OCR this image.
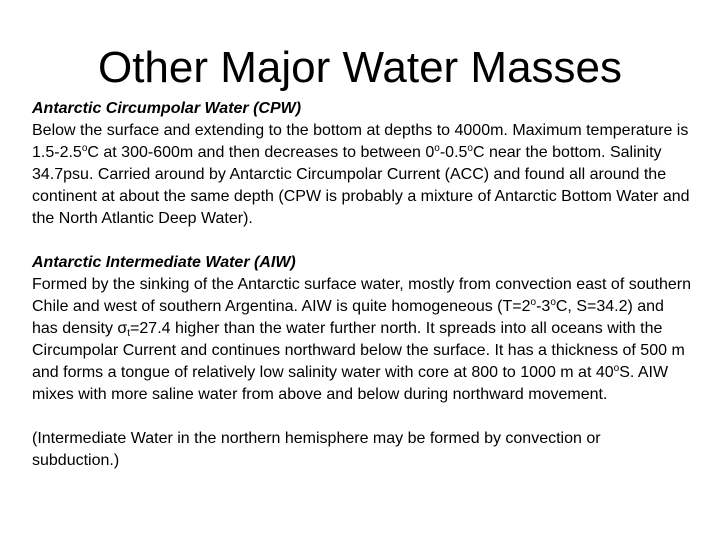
Other Major Water Masses
Antarctic Circumpolar Water (CPW)

Below the surface and extending to the bottom at depths to 4000m. Maximum temperature is 1.5-2.5$^o$C at 300-600m and then decreases to between 0$^o$-0.5$^o$C near the bottom. Salinity 34.7psu. Carried around by Antarctic Circumpolar Current (ACC) and found all around the continent at about the same depth (CPW is probably a mixture of Antarctic Bottom Water and the North Atlantic Deep Water).

Antarctic Intermediate Water (AIW)

Formed by the sinking of the Antarctic surface water, mostly from convection east of southern Chile and west of southern Argentina. AIW is quite homogeneous ($T=2^o-3^oC$, S=34.2) and has density $\sigma_t=27.4$ higher than the water further north. It spreads into all oceans with the Circumpolar Current and continues northward below the surface. It has a thickness of 500 m and forms a tongue of relatively low salinity water with core at 800 to 1000 m at 40$^o$S. AIW mixes with more saline water from above and below during northward movement.

(Intermediate Water in the northern hemisphere may be formed by convection or subduction.)
